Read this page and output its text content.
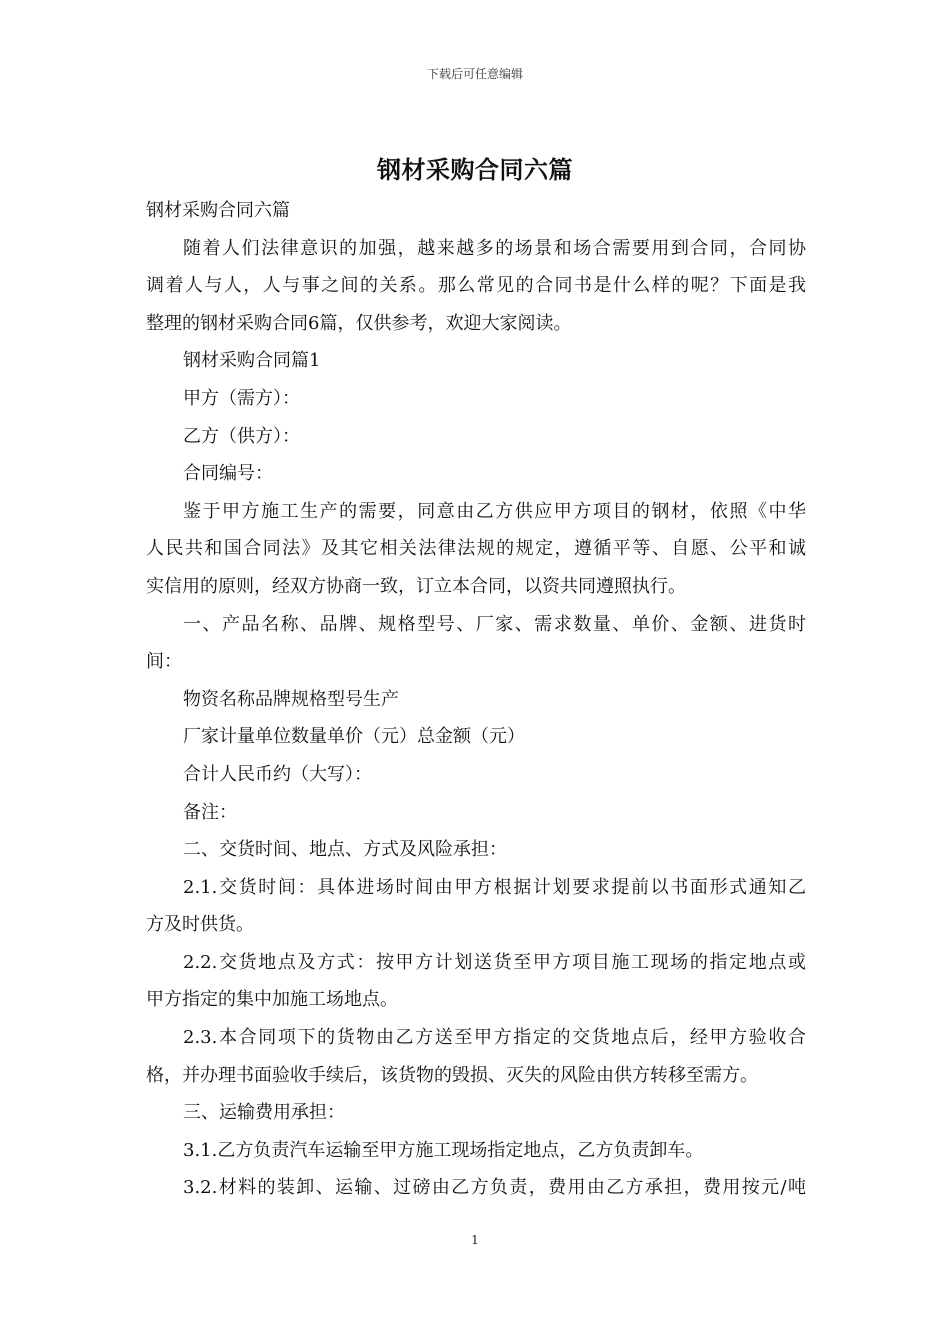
下载后可任意编辑
钢材采购合同六篇
钢材采购合同六篇
随着人们法律意识的加强，越来越多的场景和场合需要用到合同，合同协
调着人与人，人与事之间的关系。那么常见的合同书是什么样的呢？下面是我
整理的钢材采购合同6篇，仅供参考，欢迎大家阅读。
钢材采购合同篇1
甲方（需方）：
乙方（供方）：
合同编号：
鉴于甲方施工生产的需要，同意由乙方供应甲方项目的钢材，依照《中华
人民共和国合同法》及其它相关法律法规的规定，遵循平等、自愿、公平和诚
实信用的原则，经双方协商一致，订立本合同，以资共同遵照执行。
一、产品名称、品牌、规格型号、厂家、需求数量、单价、金额、进货时
间：
物资名称品牌规格型号生产
厂家计量单位数量单价（元）总金额（元）
合计人民币约（大写）：
备注：
二、交货时间、地点、方式及风险承担：
2.1.交货时间：具体进场时间由甲方根据计划要求提前以书面形式通知乙
方及时供货。
2.2.交货地点及方式：按甲方计划送货至甲方项目施工现场的指定地点或
甲方指定的集中加施工场地点。
2.3.本合同项下的货物由乙方送至甲方指定的交货地点后，经甲方验收合
格，并办理书面验收手续后，该货物的毁损、灭失的风险由供方转移至需方。
三、运输费用承担：
3.1.乙方负责汽车运输至甲方施工现场指定地点，乙方负责卸车。
3.2.材料的装卸、运输、过磅由乙方负责，费用由乙方承担，费用按元/吨
1
